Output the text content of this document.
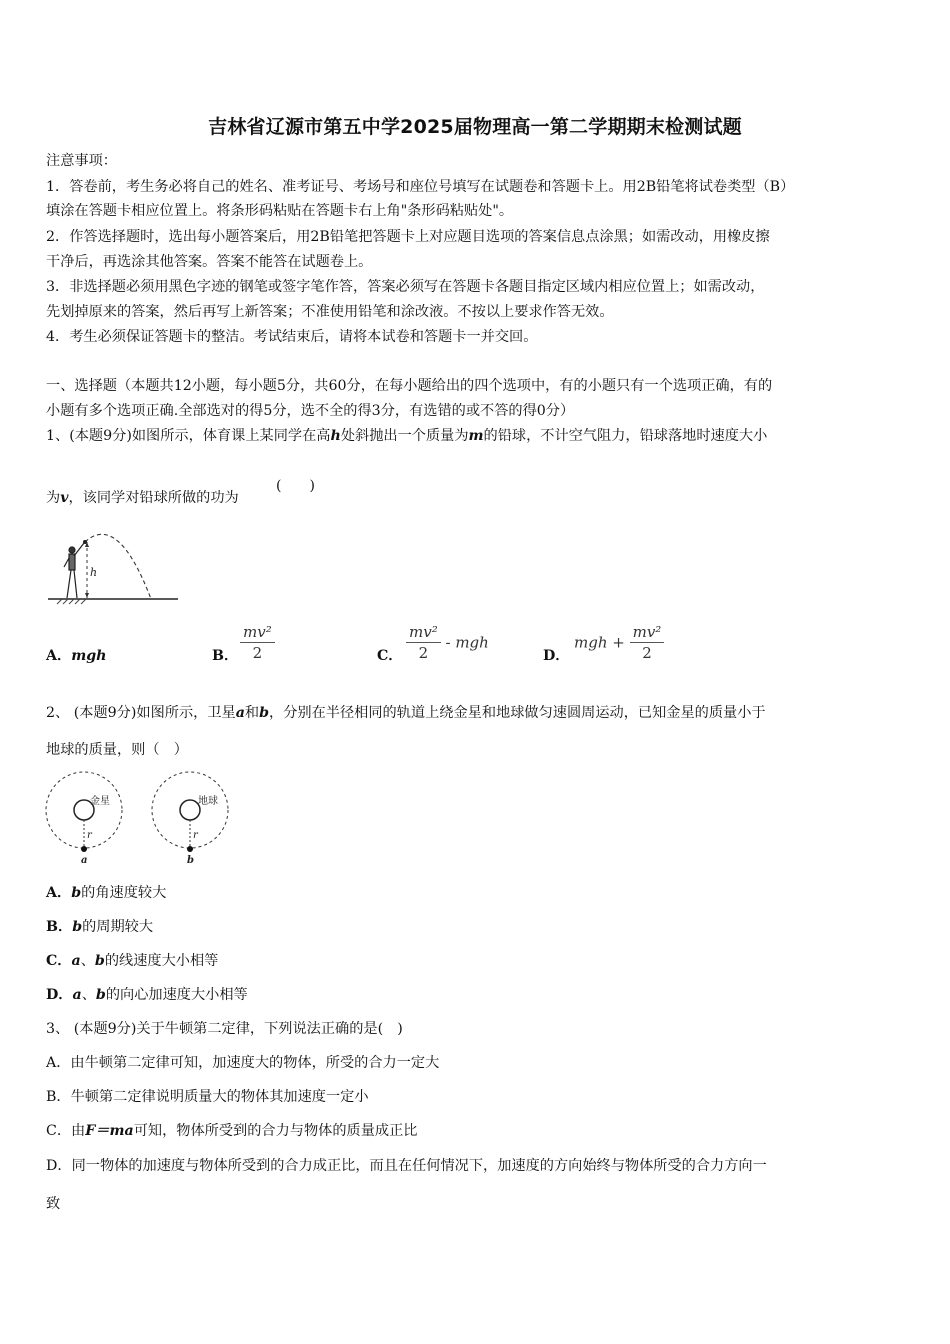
吉林省辽源市第五中学2025届物理高一第二学期期末检测试题
注意事项：
1．答卷前，考生务必将自己的姓名、准考证号、考场号和座位号填写在试题卷和答题卡上。用2B铅笔将试卷类型（B）
填涂在答题卡相应位置上。将条形码粘贴在答题卡右上角"条形码粘贴处"。
2．作答选择题时，选出每小题答案后，用2B铅笔把答题卡上对应题目选项的答案信息点涂黑；如需改动，用橡皮擦
干净后，再选涂其他答案。答案不能答在试题卷上。
3．非选择题必须用黑色字迹的钢笔或签字笔作答，答案必须写在答题卡各题目指定区域内相应位置上；如需改动，
先划掉原来的答案，然后再写上新答案；不准使用铅笔和涂改液。不按以上要求作答无效。
4．考生必须保证答题卡的整洁。考试结束后，请将本试卷和答题卡一并交回。
一、选择题（本题共12小题，每小题5分，共60分，在每小题给出的四个选项中，有的小题只有一个选项正确，有的
小题有多个选项正确.全部选对的得5分，选不全的得3分，有选错的或不答的得0分）
1、(本题9分)如图所示，体育课上某同学在高h处斜抛出一个质量为m的铅球，不计空气阻力，铅球落地时速度大小
为v，该同学对铅球所做的功为
(　　)
h
A．mgh	B． $\frac{\text{mv²}}{2}$	C． $\frac{\text{mv²}}{2}$ - mgh
D．
mgh + $\frac{\text{mv²}}{2}$
2、 (本题9分)如图所示，卫星a和b，分别在半径相同的轨道上绕金星和地球做匀速圆周运动，已知金星的质量小于
地球的质量，则（　）
金星
r
a
地球
r
b
A．b的角速度较大
B．b的周期较大
C．a、b的线速度大小相等
D．a、b的向心加速度大小相等
3、 (本题9分)关于牛顿第二定律，下列说法正确的是(　)
A．由牛顿第二定律可知，加速度大的物体，所受的合力一定大
B．牛顿第二定律说明质量大的物体其加速度一定小
C．由F＝ma可知，物体所受到的合力与物体的质量成正比
D．同一物体的加速度与物体所受到的合力成正比，而且在任何情况下，加速度的方向始终与物体所受的合力方向一
致
